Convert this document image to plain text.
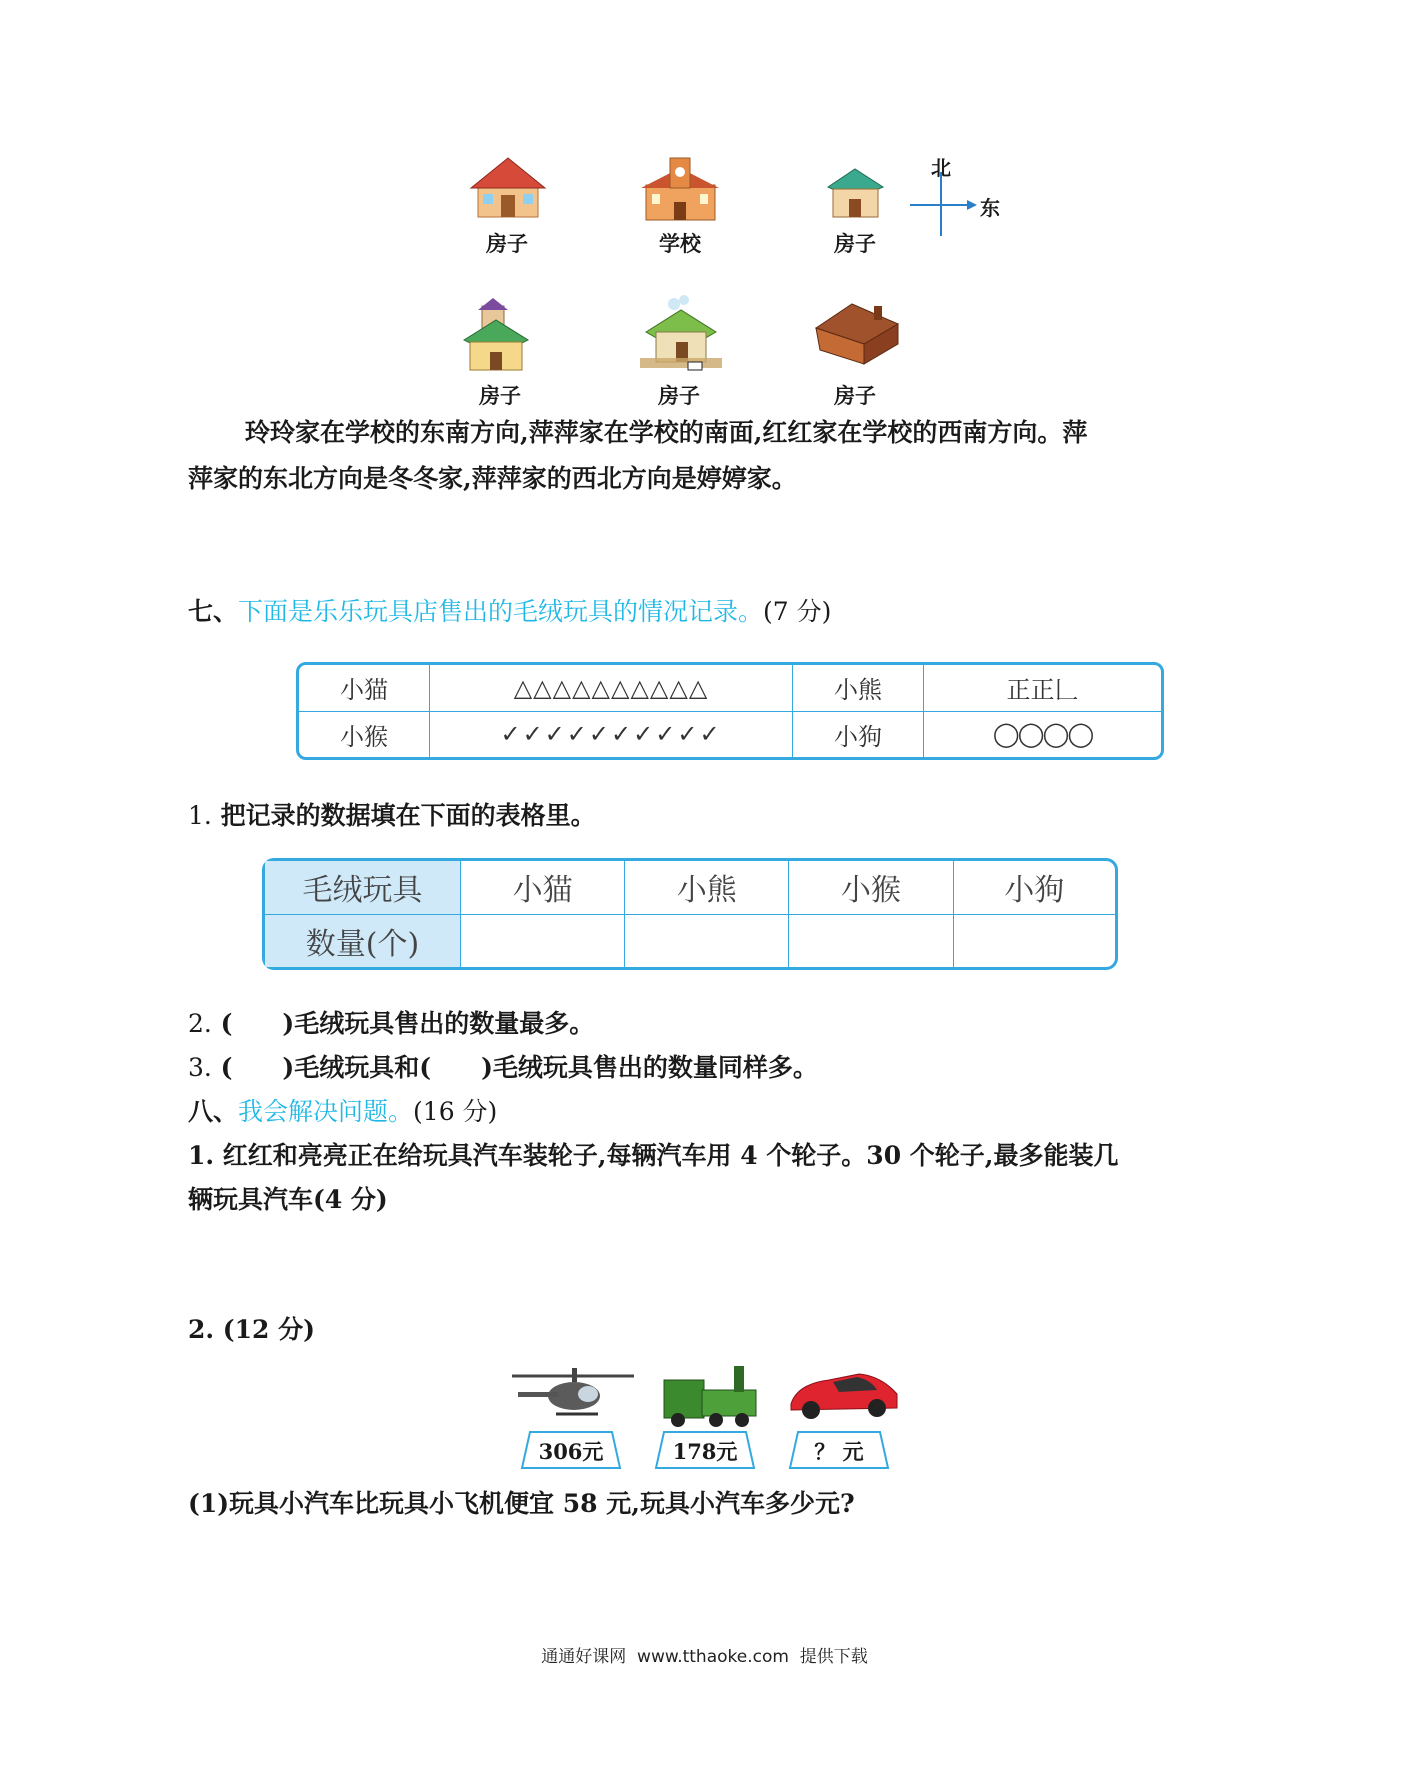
房子	学校	房子
北
东
房子	房子	房子
玲玲家在学校的东南方向,萍萍家在学校的南面,红红家在学校的西南方向。萍
萍家的东北方向是冬冬家,萍萍家的西北方向是婷婷家。
七、下面是乐乐玩具店售出的毛绒玩具的情况记录。(7 分)
小猫	△△△△△△△△△△	小熊	正正𠃊
小猴	✓✓✓✓✓✓✓✓✓✓	小狗	◯◯◯◯
1. 把记录的数据填在下面的表格里。
毛绒玩具	小猫	小熊	小猴	小狗
数量(个)				
2. (　　)毛绒玩具售出的数量最多。
3. (　　)毛绒玩具和(　　)毛绒玩具售出的数量同样多。
八、我会解决问题。(16 分)
1. 红红和亮亮正在给玩具汽车装轮子,每辆汽车用 4 个轮子。30 个轮子,最多能装几
辆玩具汽车(4 分)
2. (12 分)
306元	178元	？ 元
(1)玩具小汽车比玩具小飞机便宜 58 元,玩具小汽车多少元?
通通好课网  www.tthaoke.com  提供下载
